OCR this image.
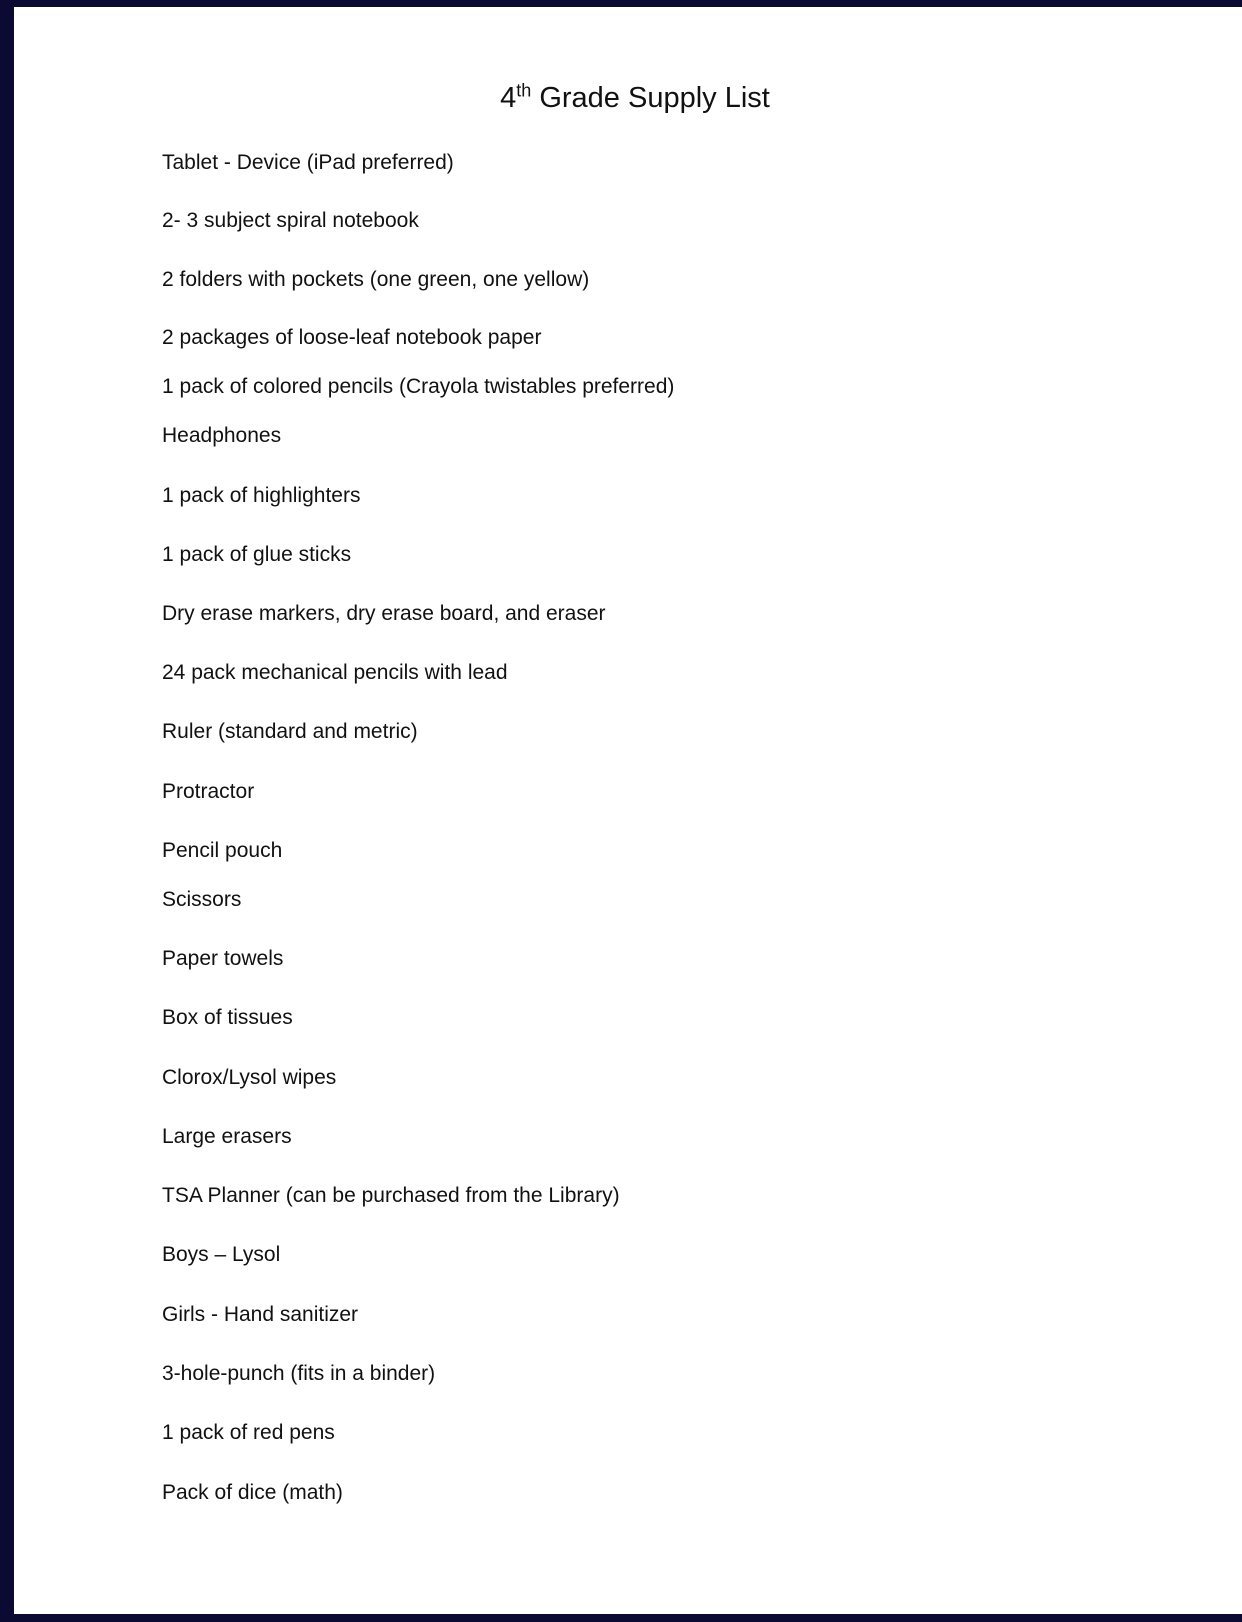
4th Grade Supply List

Tablet - Device (iPad preferred)

2- 3 subject spiral notebook

2 folders with pockets (one green, one yellow)

2 packages of loose-leaf notebook paper

1 pack of colored pencils (Crayola twistables preferred)

Headphones

1 pack of highlighters

1 pack of glue sticks

Dry erase markers, dry erase board, and eraser

24 pack mechanical pencils with lead

Ruler (standard and metric)

Protractor

Pencil pouch

Scissors

Paper towels

Box of tissues

Clorox/Lysol wipes

Large erasers

TSA Planner (can be purchased from the Library)

Boys – Lysol

Girls - Hand sanitizer

3-hole-punch (fits in a binder)

1 pack of red pens

Pack of dice (math)
